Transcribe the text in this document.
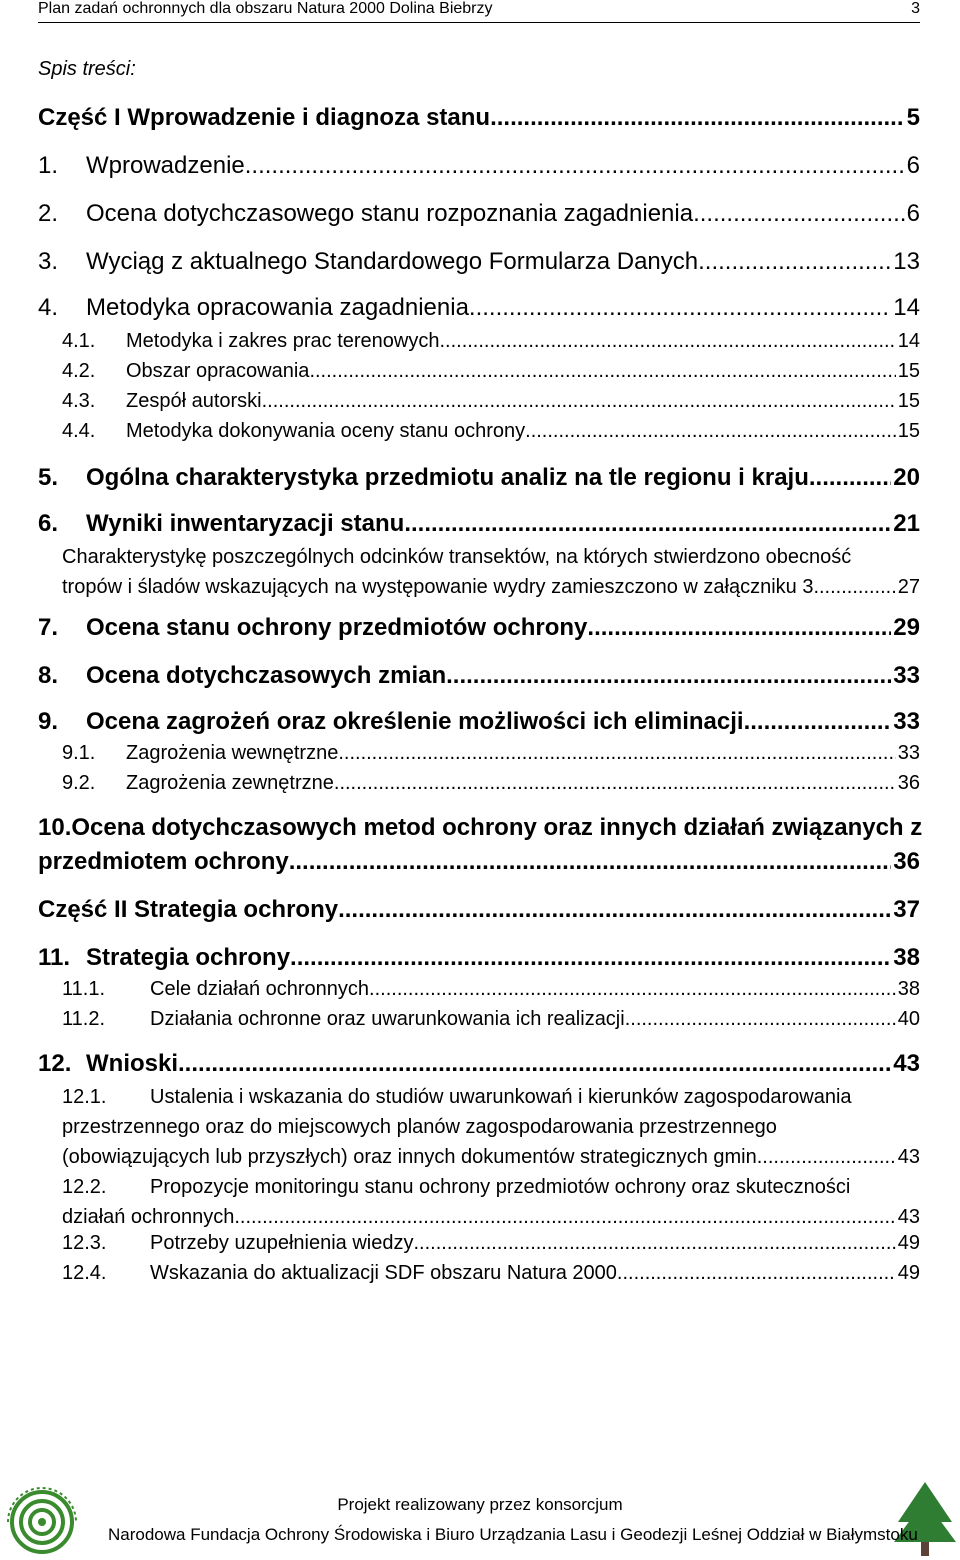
Plan zadań ochronnych dla obszaru Natura 2000 Dolina Biebrzy	3
Spis treści:
Część I Wprowadzenie i diagnoza stanu .....	5
1.	Wprowadzenie .....	6
2.	Ocena dotychczasowego stanu rozpoznania zagadnienia .....	6
3.	Wyciąg z aktualnego Standardowego Formularza Danych .....	13
4.	Metodyka opracowania zagadnienia .....	14
4.1.	Metodyka i zakres prac terenowych .....	14
4.2.	Obszar opracowania .....	15
4.3.	Zespół autorski .....	15
4.4.	Metodyka dokonywania oceny stanu ochrony .....	15
5.	Ogólna charakterystyka przedmiotu analiz na tle regionu i kraju .....	20
6.	Wyniki inwentaryzacji stanu .....	21
Charakterystykę poszczególnych odcinków transektów, na których stwierdzono obecność
tropów i śladów wskazujących na występowanie wydry zamieszczono w załączniku 3 .....	27
7.	Ocena stanu ochrony przedmiotów ochrony .....	29
8.	Ocena dotychczasowych zmian .....	33
9.	Ocena zagrożeń oraz określenie możliwości ich eliminacji .....	33
9.1.	Zagrożenia wewnętrzne .....	33
9.2.	Zagrożenia zewnętrzne .....	36
10. Ocena dotychczasowych metod ochrony oraz innych działań związanych z
przedmiotem ochrony .....	36
Część II Strategia ochrony .....	37
11. Strategia ochrony .....	38
11.1.	Cele działań ochronnych .....	38
11.2.	Działania ochronne oraz uwarunkowania ich realizacji .....	40
12. Wnioski .....	43
12.1.	Ustalenia i wskazania do studiów uwarunkowań i kierunków zagospodarowania
przestrzennego oraz do miejscowych planów zagospodarowania przestrzennego
(obowiązujących lub przyszłych) oraz innych dokumentów strategicznych gmin .....	43
12.2.	Propozycje monitoringu stanu ochrony przedmiotów ochrony oraz skuteczności
działań ochronnych .....	43
12.3.	Potrzeby uzupełnienia wiedzy .....	49
12.4.	Wskazania do aktualizacji SDF obszaru Natura 2000 .....	49
Projekt realizowany przez konsorcjum
Narodowa Fundacja Ochrony Środowiska i Biuro Urządzania Lasu i Geodezji Leśnej Oddział w Białymstoku
